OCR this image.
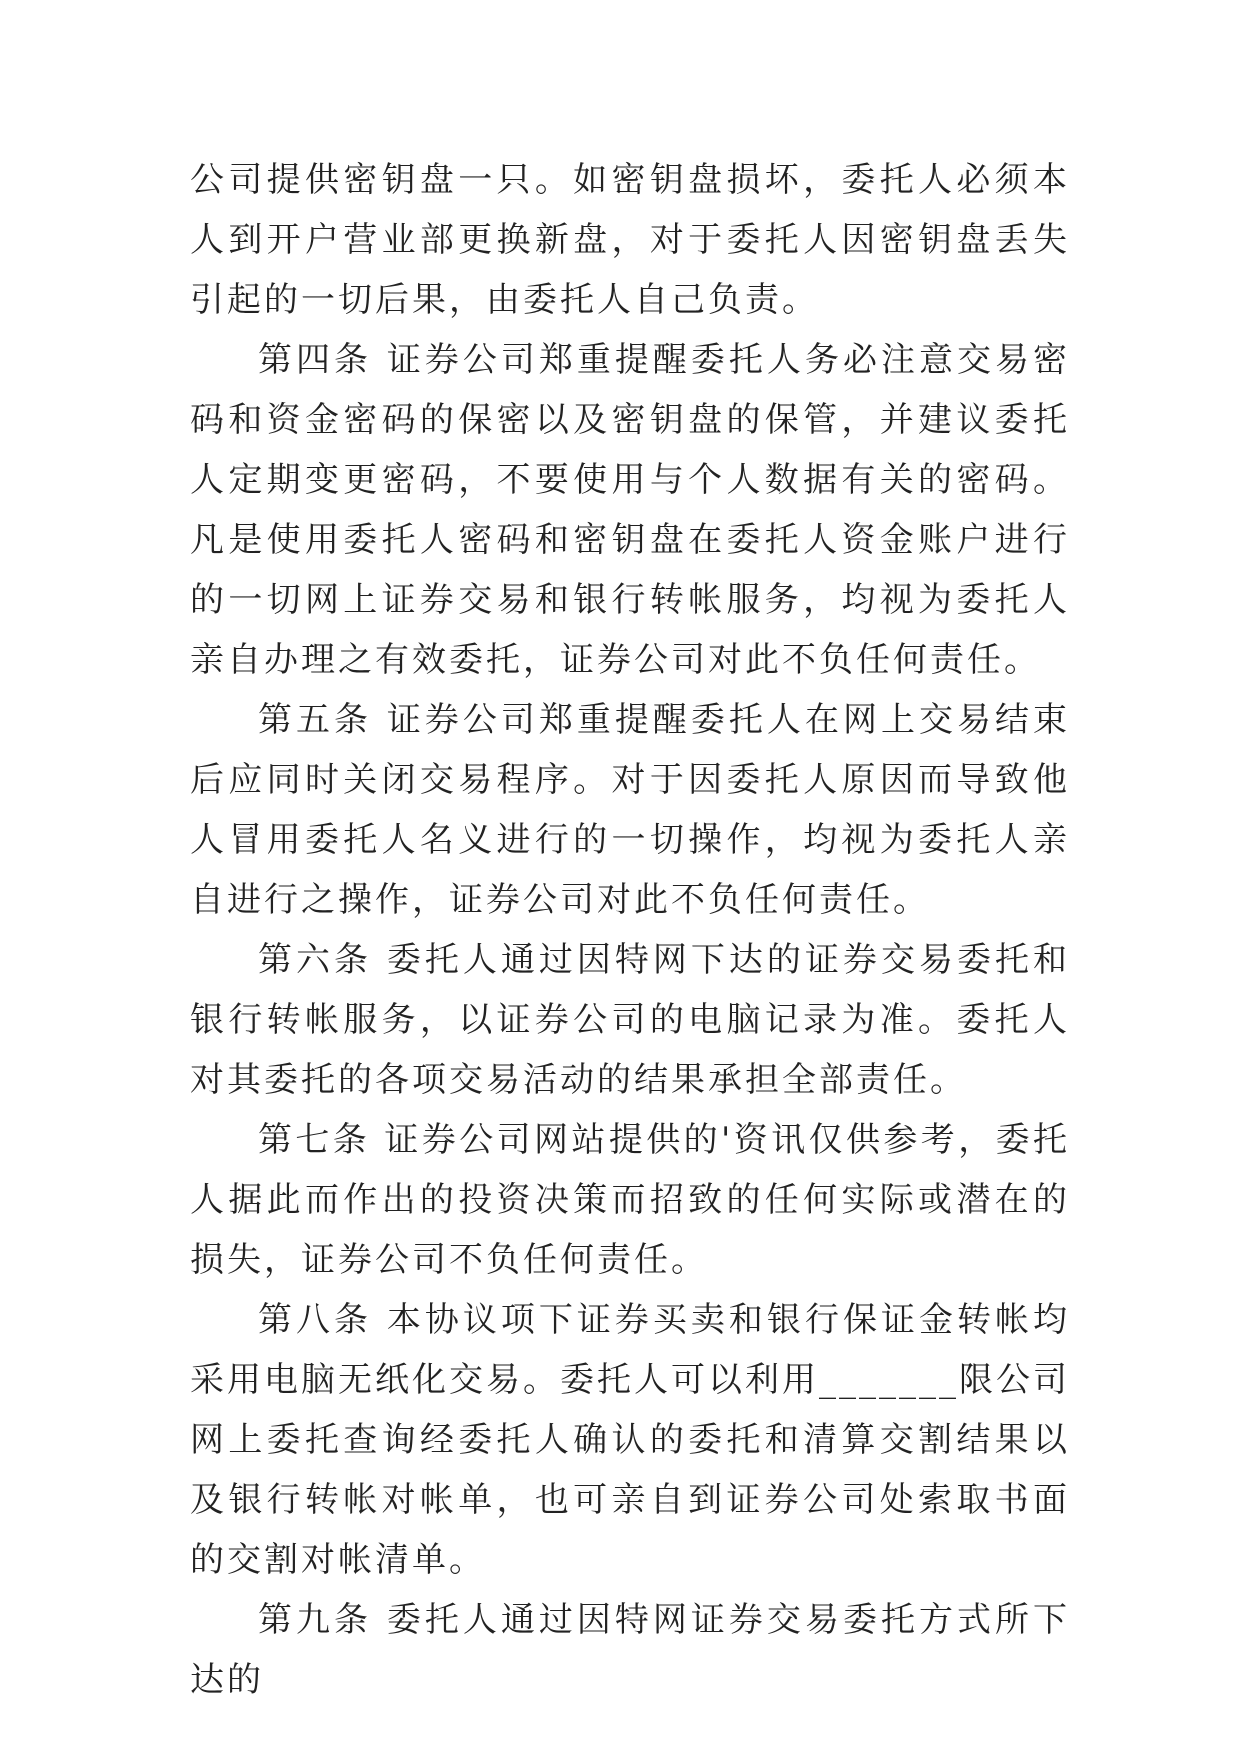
公司提供密钥盘一只。如密钥盘损坏，委托人必须本人到开户营业部更换新盘，对于委托人因密钥盘丢失引起的一切后果，由委托人自己负责。

第四条 证券公司郑重提醒委托人务必注意交易密码和资金密码的保密以及密钥盘的保管，并建议委托人定期变更密码，不要使用与个人数据有关的密码。凡是使用委托人密码和密钥盘在委托人资金账户进行的一切网上证券交易和银行转帐服务，均视为委托人亲自办理之有效委托，证券公司对此不负任何责任。

第五条 证券公司郑重提醒委托人在网上交易结束后应同时关闭交易程序。对于因委托人原因而导致他人冒用委托人名义进行的一切操作，均视为委托人亲自进行之操作，证券公司对此不负任何责任。

第六条 委托人通过因特网下达的证券交易委托和银行转帐服务，以证券公司的电脑记录为准。委托人对其委托的各项交易活动的结果承担全部责任。

第七条 证券公司网站提供的'资讯仅供参考，委托人据此而作出的投资决策而招致的任何实际或潜在的损失，证券公司不负任何责任。

第八条 本协议项下证券买卖和银行保证金转帐均采用电脑无纸化交易。委托人可以利用_______限公司网上委托查询经委托人确认的委托和清算交割结果以及银行转帐对帐单，也可亲自到证券公司处索取书面的交割对帐清单。

第九条 委托人通过因特网证券交易委托方式所下达的
